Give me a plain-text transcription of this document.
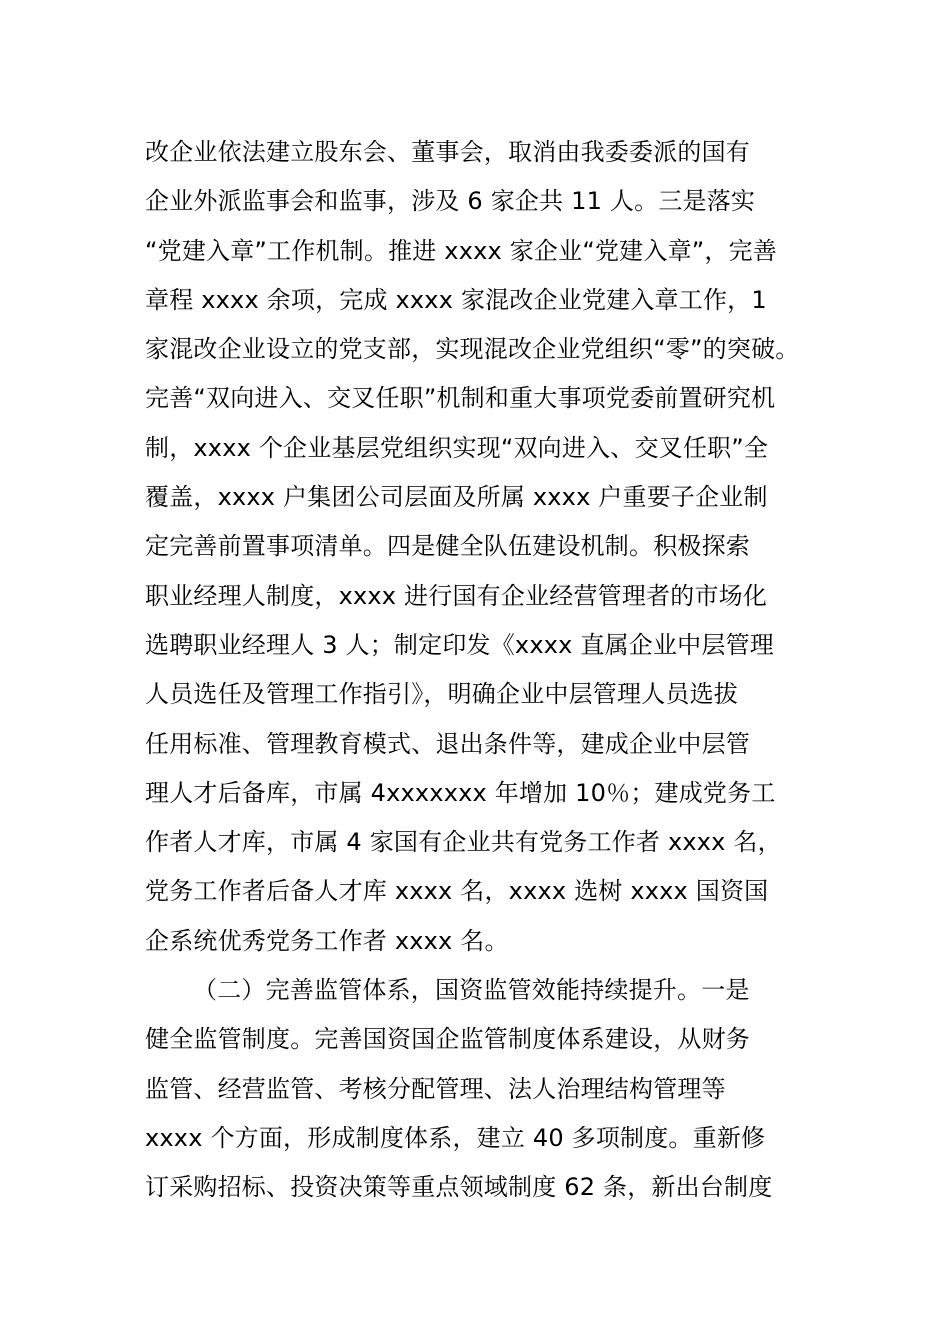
改企业依法建立股东会、董事会，取消由我委委派的国有
企业外派监事会和监事，涉及 6 家企共 11 人。三是落实
“党建入章”工作机制。推进 xxxx 家企业“党建入章”，完善
章程 xxxx 余项，完成 xxxx 家混改企业党建入章工作，1
家混改企业设立的党支部，实现混改企业党组织“零”的突破。
完善“双向进入、交叉任职”机制和重大事项党委前置研究机
制，xxxx 个企业基层党组织实现“双向进入、交叉任职”全
覆盖，xxxx 户集团公司层面及所属 xxxx 户重要子企业制
定完善前置事项清单。四是健全队伍建设机制。积极探索
职业经理人制度，xxxx 进行国有企业经营管理者的市场化
选聘职业经理人 3 人；制定印发《xxxx 直属企业中层管理
人员选任及管理工作指引》，明确企业中层管理人员选拔
任用标准、管理教育模式、退出条件等，建成企业中层管
理人才后备库，市属 4xxxxxxx 年增加 10％；建成党务工
作者人才库，市属 4 家国有企业共有党务工作者 xxxx 名，
党务工作者后备人才库 xxxx 名，xxxx 选树 xxxx 国资国
企系统优秀党务工作者 xxxx 名。
（二）完善监管体系，国资监管效能持续提升。一是
健全监管制度。完善国资国企监管制度体系建设，从财务
监管、经营监管、考核分配管理、法人治理结构管理等
xxxx 个方面，形成制度体系，建立 40 多项制度。重新修
订采购招标、投资决策等重点领域制度 62 条，新出台制度
